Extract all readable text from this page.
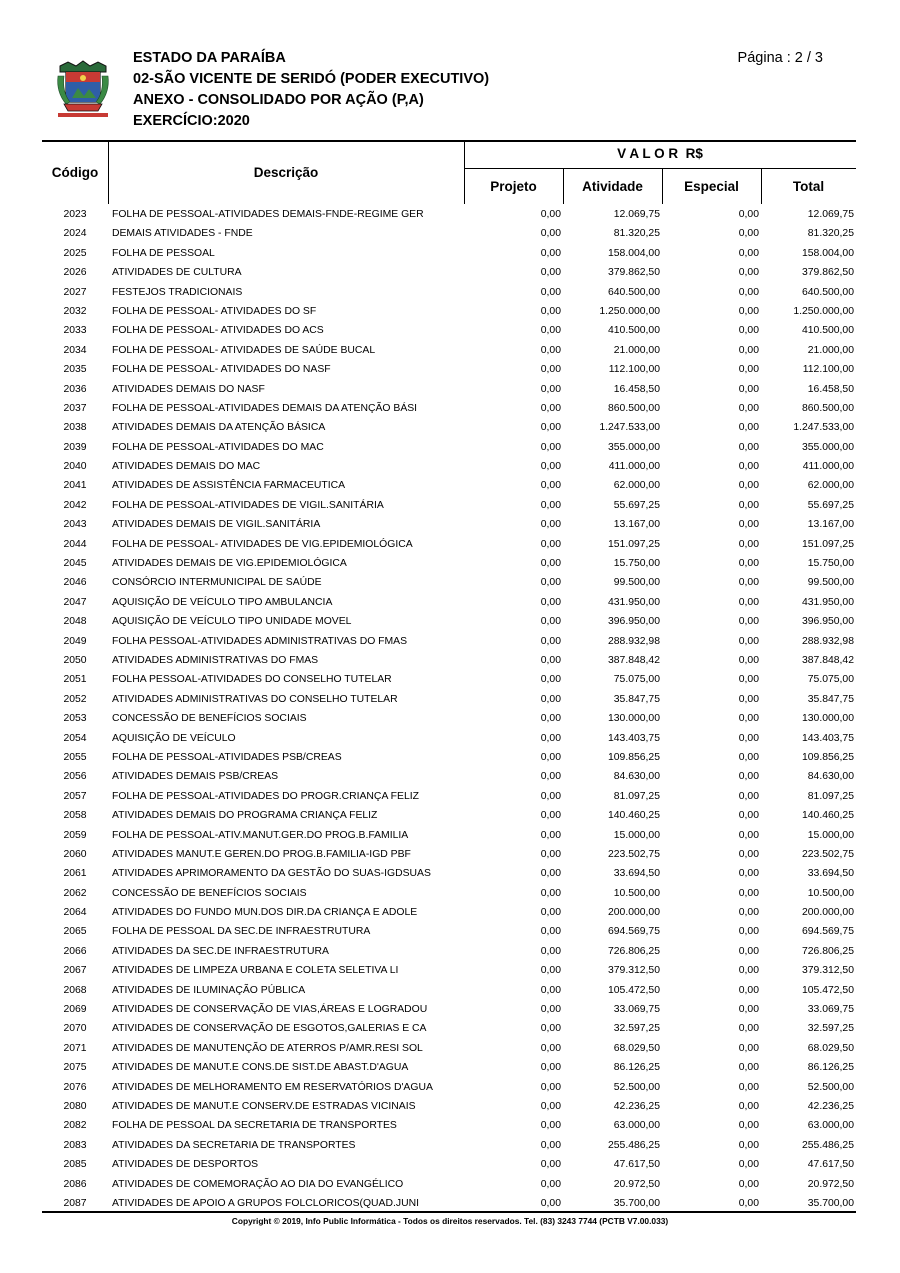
ESTADO DA PARAÍBA
02-SÃO VICENTE DE SERIDÓ (PODER EXECUTIVO)
ANEXO - CONSOLIDADO POR AÇÃO (P,A)
EXERCÍCIO:2020
Página : 2 / 3
Código	Descrição
V A L O R  R$
Projeto	Atividade	Especial	Total
2023	FOLHA DE PESSOAL-ATIVIDADES DEMAIS-FNDE-REGIME GER	0,00	12.069,75	0,00	12.069,75
2024	DEMAIS ATIVIDADES - FNDE	0,00	81.320,25	0,00	81.320,25
2025	FOLHA DE PESSOAL	0,00	158.004,00	0,00	158.004,00
2026	ATIVIDADES DE CULTURA	0,00	379.862,50	0,00	379.862,50
2027	FESTEJOS TRADICIONAIS	0,00	640.500,00	0,00	640.500,00
2032	FOLHA DE PESSOAL- ATIVIDADES DO SF	0,00	1.250.000,00	0,00	1.250.000,00
2033	FOLHA DE PESSOAL- ATIVIDADES DO ACS	0,00	410.500,00	0,00	410.500,00
2034	FOLHA DE PESSOAL- ATIVIDADES DE SAÚDE BUCAL	0,00	21.000,00	0,00	21.000,00
2035	FOLHA DE PESSOAL- ATIVIDADES DO NASF	0,00	112.100,00	0,00	112.100,00
2036	ATIVIDADES DEMAIS DO NASF	0,00	16.458,50	0,00	16.458,50
2037	FOLHA DE PESSOAL-ATIVIDADES DEMAIS DA ATENÇÃO BÁSI	0,00	860.500,00	0,00	860.500,00
2038	ATIVIDADES DEMAIS DA ATENÇÃO BÁSICA	0,00	1.247.533,00	0,00	1.247.533,00
2039	FOLHA DE PESSOAL-ATIVIDADES DO MAC	0,00	355.000,00	0,00	355.000,00
2040	ATIVIDADES DEMAIS DO MAC	0,00	411.000,00	0,00	411.000,00
2041	ATIVIDADES DE ASSISTÊNCIA FARMACEUTICA	0,00	62.000,00	0,00	62.000,00
2042	FOLHA DE PESSOAL-ATIVIDADES DE VIGIL.SANITÁRIA	0,00	55.697,25	0,00	55.697,25
2043	ATIVIDADES DEMAIS DE VIGIL.SANITÁRIA	0,00	13.167,00	0,00	13.167,00
2044	FOLHA DE PESSOAL- ATIVIDADES DE VIG.EPIDEMIOLÓGICA	0,00	151.097,25	0,00	151.097,25
2045	ATIVIDADES DEMAIS DE VIG.EPIDEMIOLÓGICA	0,00	15.750,00	0,00	15.750,00
2046	CONSÓRCIO INTERMUNICIPAL DE SAÚDE	0,00	99.500,00	0,00	99.500,00
2047	AQUISIÇÃO DE VEÍCULO TIPO AMBULANCIA	0,00	431.950,00	0,00	431.950,00
2048	AQUISIÇÃO DE VEÍCULO TIPO UNIDADE MOVEL	0,00	396.950,00	0,00	396.950,00
2049	FOLHA PESSOAL-ATIVIDADES ADMINISTRATIVAS DO FMAS	0,00	288.932,98	0,00	288.932,98
2050	ATIVIDADES ADMINISTRATIVAS DO FMAS	0,00	387.848,42	0,00	387.848,42
2051	FOLHA PESSOAL-ATIVIDADES DO CONSELHO TUTELAR	0,00	75.075,00	0,00	75.075,00
2052	ATIVIDADES ADMINISTRATIVAS DO CONSELHO TUTELAR	0,00	35.847,75	0,00	35.847,75
2053	CONCESSÃO DE BENEFÍCIOS SOCIAIS	0,00	130.000,00	0,00	130.000,00
2054	AQUISIÇÃO DE VEÍCULO	0,00	143.403,75	0,00	143.403,75
2055	FOLHA DE PESSOAL-ATIVIDADES PSB/CREAS	0,00	109.856,25	0,00	109.856,25
2056	ATIVIDADES DEMAIS PSB/CREAS	0,00	84.630,00	0,00	84.630,00
2057	FOLHA DE PESSOAL-ATIVIDADES DO PROGR.CRIANÇA FELIZ	0,00	81.097,25	0,00	81.097,25
2058	ATIVIDADES DEMAIS DO PROGRAMA CRIANÇA FELIZ	0,00	140.460,25	0,00	140.460,25
2059	FOLHA DE PESSOAL-ATIV.MANUT.GER.DO PROG.B.FAMILIA	0,00	15.000,00	0,00	15.000,00
2060	ATIVIDADES MANUT.E GEREN.DO PROG.B.FAMILIA-IGD PBF	0,00	223.502,75	0,00	223.502,75
2061	ATIVIDADES APRIMORAMENTO DA GESTÃO DO SUAS-IGDSUAS	0,00	33.694,50	0,00	33.694,50
2062	CONCESSÃO DE BENEFÍCIOS SOCIAIS	0,00	10.500,00	0,00	10.500,00
2064	ATIVIDADES DO FUNDO MUN.DOS DIR.DA CRIANÇA E ADOLE	0,00	200.000,00	0,00	200.000,00
2065	FOLHA DE PESSOAL DA SEC.DE INFRAESTRUTURA	0,00	694.569,75	0,00	694.569,75
2066	ATIVIDADES DA SEC.DE INFRAESTRUTURA	0,00	726.806,25	0,00	726.806,25
2067	ATIVIDADES DE LIMPEZA URBANA E COLETA SELETIVA LI	0,00	379.312,50	0,00	379.312,50
2068	ATIVIDADES DE ILUMINAÇÃO PÚBLICA	0,00	105.472,50	0,00	105.472,50
2069	ATIVIDADES DE CONSERVAÇÃO DE VIAS,ÁREAS E LOGRADOU	0,00	33.069,75	0,00	33.069,75
2070	ATIVIDADES DE CONSERVAÇÃO DE ESGOTOS,GALERIAS E CA	0,00	32.597,25	0,00	32.597,25
2071	ATIVIDADES DE MANUTENÇÃO DE ATERROS P/AMR.RESI SOL	0,00	68.029,50	0,00	68.029,50
2075	ATIVIDADES DE MANUT.E CONS.DE SIST.DE ABAST.D'AGUA	0,00	86.126,25	0,00	86.126,25
2076	ATIVIDADES DE MELHORAMENTO EM RESERVATÓRIOS D'AGUA	0,00	52.500,00	0,00	52.500,00
2080	ATIVIDADES DE MANUT.E CONSERV.DE ESTRADAS VICINAIS	0,00	42.236,25	0,00	42.236,25
2082	FOLHA DE PESSOAL DA SECRETARIA DE TRANSPORTES	0,00	63.000,00	0,00	63.000,00
2083	ATIVIDADES DA SECRETARIA DE TRANSPORTES	0,00	255.486,25	0,00	255.486,25
2085	ATIVIDADES DE DESPORTOS	0,00	47.617,50	0,00	47.617,50
2086	ATIVIDADES DE COMEMORAÇÃO AO DIA DO EVANGÉLICO	0,00	20.972,50	0,00	20.972,50
2087	ATIVIDADES DE APOIO A GRUPOS FOLCLORICOS(QUAD.JUNI	0,00	35.700,00	0,00	35.700,00
Copyright © 2019, Info Public Informática - Todos os direitos reservados. Tel. (83) 3243 7744 (PCTB V7.00.033)
